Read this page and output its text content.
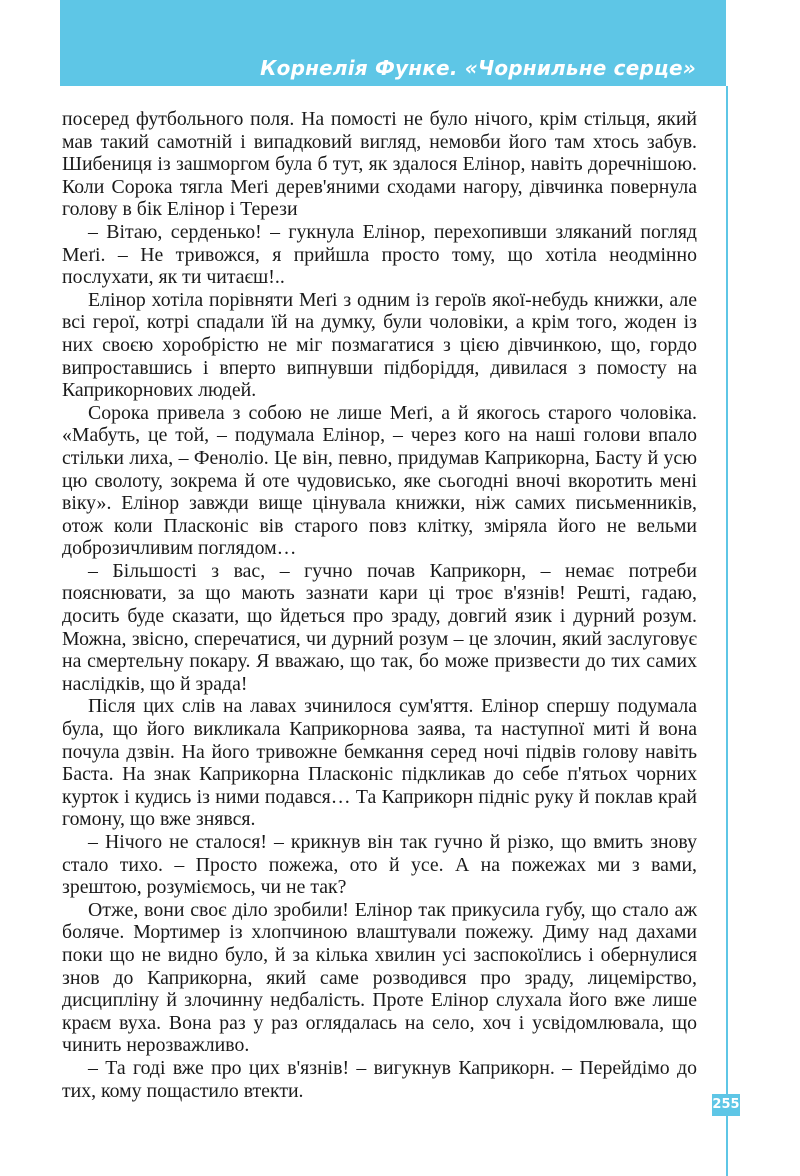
Корнелія Функе. «Чорнильне серце»

посеред футбольного поля. На помості не було нічого, крім стільця, який мав такий самотній і випадковий вигляд, немовби його там хтось забув. Шибениця із зашморгом була б тут, як здалося Елінор, навіть доречнішою. Коли Сорока тягла Меґі дерев'яними сходами нагору, дівчинка повернула голову в бік Елінор і Терези

– Вітаю, серденько! – гукнула Елінор, перехопивши зляканий погляд Меґі. – Не тривожся, я прийшла просто тому, що хотіла неодмінно послухати, як ти читаєш!..

Елінор хотіла порівняти Меґі з одним із героїв якої-небудь книжки, але всі герої, котрі спадали їй на думку, були чоловіки, а крім того, жоден із них своєю хоробрістю не міг позмагатися з цією дівчинкою, що, гордо випроставшись і вперто випнувши підборіддя, дивилася з помосту на Каприкорнових людей.

Сорока привела з собою не лише Меґі, а й якогось старого чоловіка. «Мабуть, це той, – подумала Елінор, – через кого на наші голови впало стільки лиха, – Феноліо. Це він, певно, придумав Каприкорна, Басту й усю цю сволоту, зокрема й оте чудовисько, яке сьогодні вночі вкоротить мені віку». Елінор завжди вище цінувала книжки, ніж самих письменників, отож коли Пласконіс вів старого повз клітку, зміряла його не вельми доброзичливим поглядом…

– Більшості з вас, – гучно почав Каприкорн, – немає потреби пояснювати, за що мають зазнати кари ці троє в'язнів! Решті, гадаю, досить буде сказати, що йдеться про зраду, довгий язик і дурний розум. Можна, звісно, сперечатися, чи дурний розум – це злочин, який заслуговує на смертельну покару. Я вважаю, що так, бо може призвести до тих самих наслідків, що й зрада!

Після цих слів на лавах зчинилося сум'яття. Елінор спершу подумала була, що його викликала Каприкорнова заява, та наступної миті й вона почула дзвін. На його тривожне бемкання серед ночі підвів голову навіть Баста. На знак Каприкорна Пласконіс підкликав до себе п'ятьох чорних курток і кудись із ними подався… Та Каприкорн підніс руку й поклав край гомону, що вже знявся.

– Нічого не сталося! – крикнув він так гучно й різко, що вмить знову стало тихо. – Просто пожежа, ото й усе. А на пожежах ми з вами, зрештою, розуміємось, чи не так?

Отже, вони своє діло зробили! Елінор так прикусила губу, що стало аж боляче. Мортимер із хлопчиною влаштували пожежу. Диму над дахами поки що не видно було, й за кілька хвилин усі заспокоїлись і обернулися знов до Каприкорна, який саме розводився про зраду, лицемірство, дисципліну й злочинну недбалість. Проте Елінор слухала його вже лише краєм вуха. Вона раз у раз оглядалась на село, хоч і усвідомлювала, що чинить нерозважливо.

– Та годі вже про цих в'язнів! – вигукнув Каприкорн. – Перейдімо до тих, кому пощастило втекти.

255
